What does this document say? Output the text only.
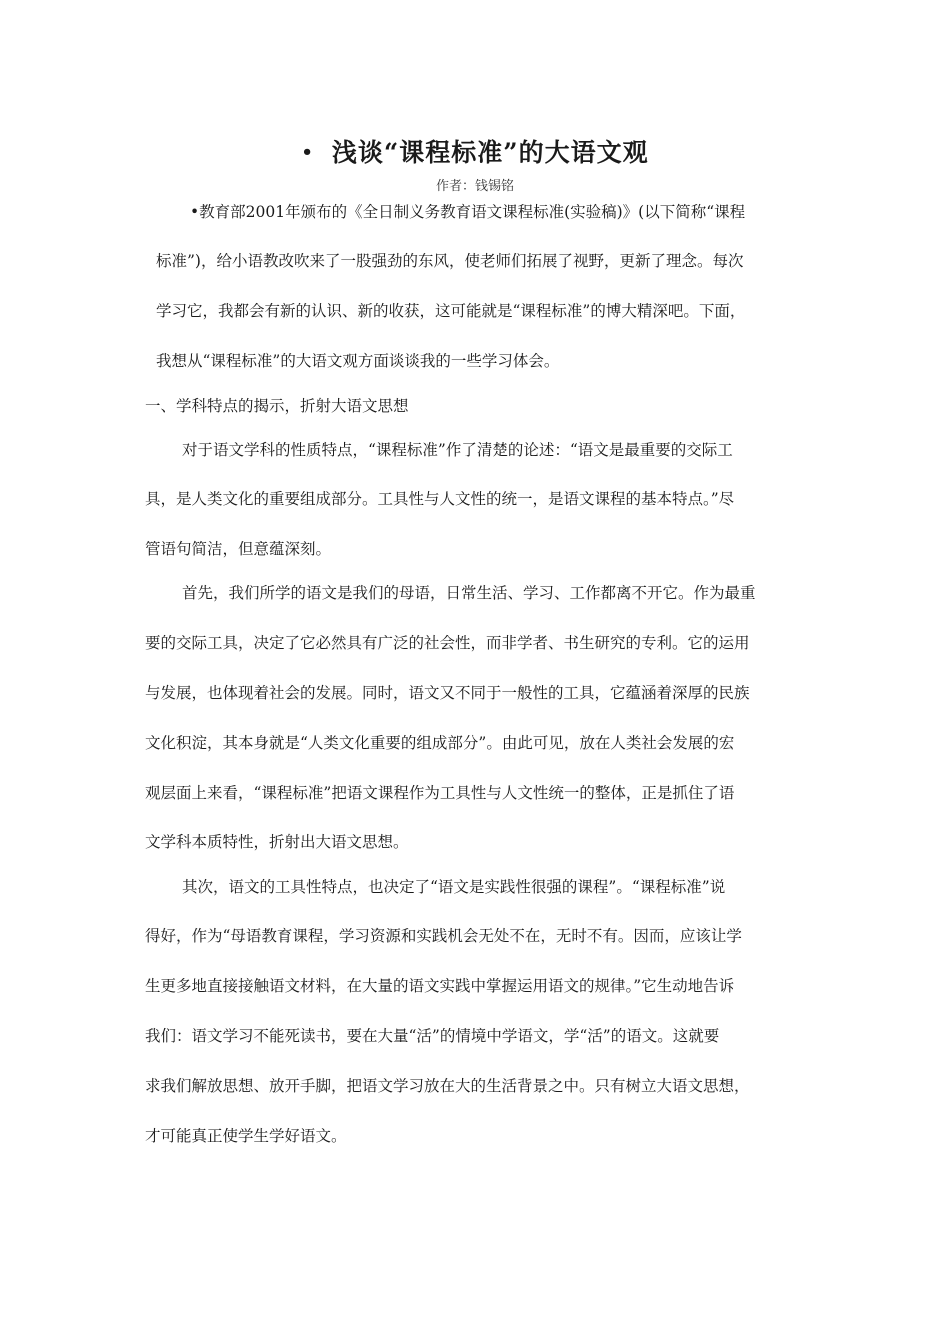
• 浅谈“课程标准”的大语文观
作者：钱锡铭
•教育部2001年颁布的《全日制义务教育语文课程标准(实验稿)》(以下简称“课程
标准”)，给小语教改吹来了一股强劲的东风，使老师们拓展了视野，更新了理念。每次
学习它，我都会有新的认识、新的收获，这可能就是“课程标准”的博大精深吧。下面，
我想从“课程标准”的大语文观方面谈谈我的一些学习体会。
一、学科特点的揭示，折射大语文思想
对于语文学科的性质特点，“课程标准”作了清楚的论述：“语文是最重要的交际工
具，是人类文化的重要组成部分。工具性与人文性的统一，是语文课程的基本特点。”尽
管语句简洁，但意蕴深刻。
首先，我们所学的语文是我们的母语，日常生活、学习、工作都离不开它。作为最重
要的交际工具，决定了它必然具有广泛的社会性，而非学者、书生研究的专利。它的运用
与发展，也体现着社会的发展。同时，语文又不同于一般性的工具，它蕴涵着深厚的民族
文化积淀，其本身就是“人类文化重要的组成部分”。由此可见，放在人类社会发展的宏
观层面上来看，“课程标准”把语文课程作为工具性与人文性统一的整体，正是抓住了语
文学科本质特性，折射出大语文思想。
其次，语文的工具性特点，也决定了“语文是实践性很强的课程”。“课程标准”说
得好，作为“母语教育课程，学习资源和实践机会无处不在，无时不有。因而，应该让学
生更多地直接接触语文材料，在大量的语文实践中掌握运用语文的规律。”它生动地告诉
我们：语文学习不能死读书，要在大量“活”的情境中学语文，学“活”的语文。这就要
求我们解放思想、放开手脚，把语文学习放在大的生活背景之中。只有树立大语文思想，
才可能真正使学生学好语文。
